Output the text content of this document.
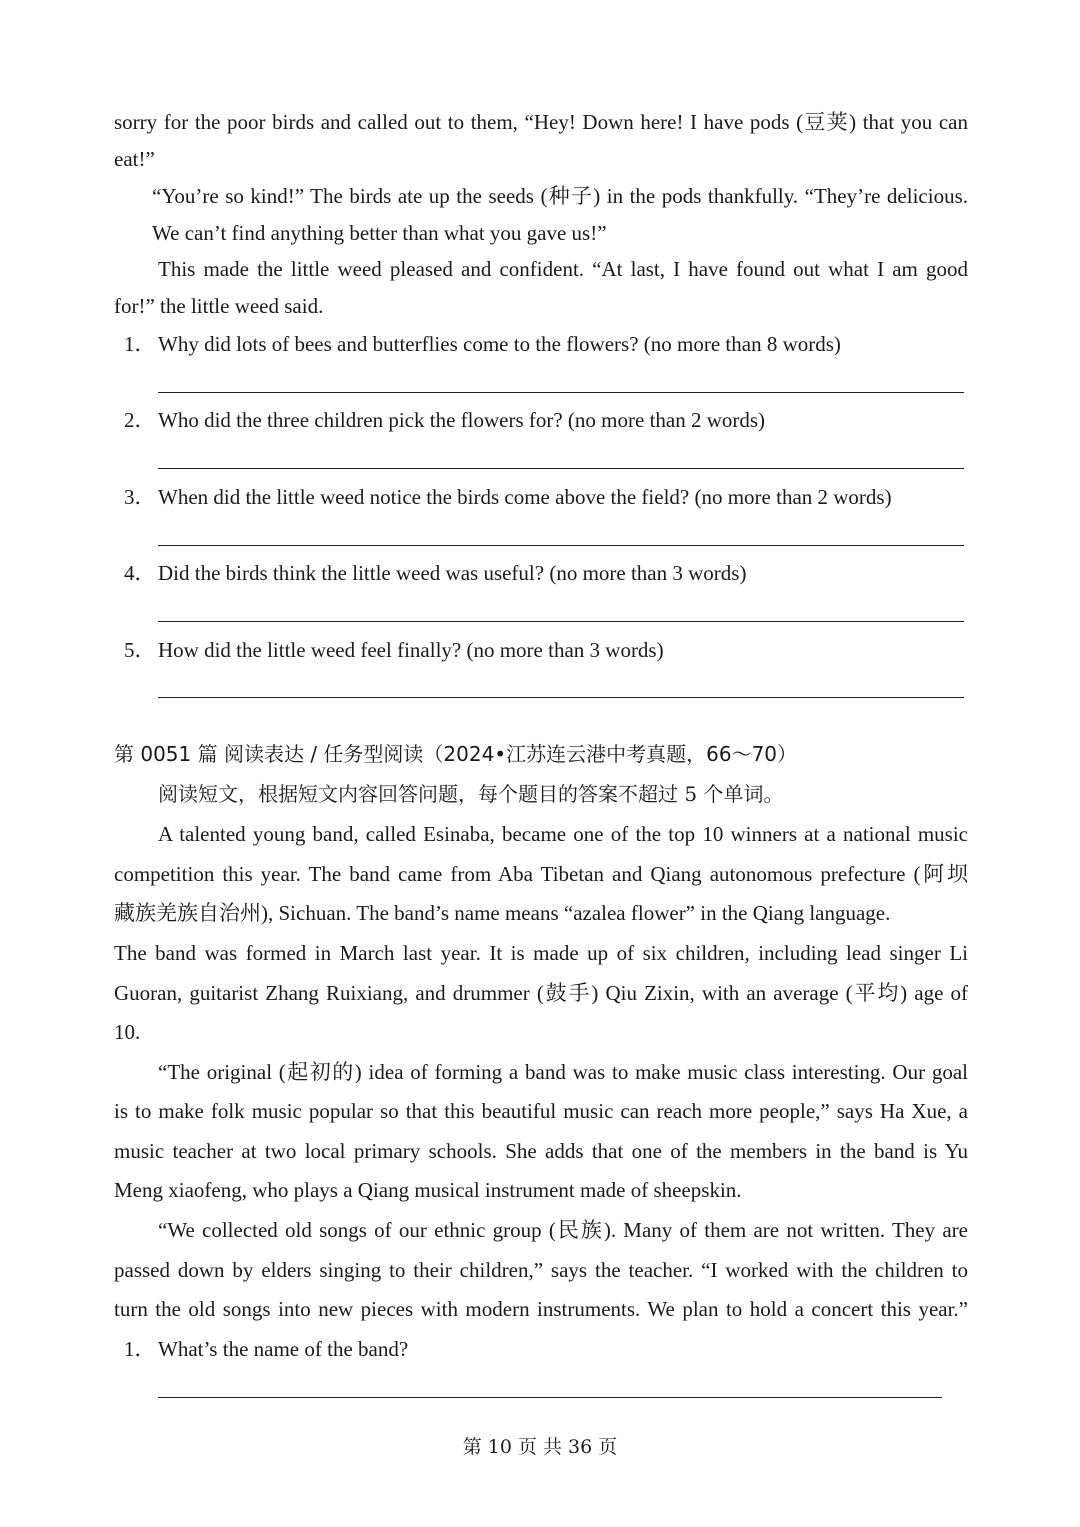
sorry for the poor birds and called out to them, “Hey! Down here! I have pods (豆荚) that you can
eat!”
“You’re so kind!” The birds ate up the seeds (种子) in the pods thankfully. “They’re delicious.
We can’t find anything better than what you gave us!”
This made the little weed pleased and confident. “At last, I have found out what I am good
for!” the little weed said.
1． Why did lots of bees and butterflies come to the flowers? (no more than 8 words)
2． Who did the three children pick the flowers for? (no more than 2 words)
3． When did the little weed notice the birds come above the field? (no more than 2 words)
4． Did the birds think the little weed was useful? (no more than 3 words)
5． How did the little weed feel finally? (no more than 3 words)
第 0051 篇 阅读表达 / 任务型阅读（2024•江苏连云港中考真题，66～70）
阅读短文，根据短文内容回答问题，每个题目的答案不超过 5 个单词。
A talented young band, called Esinaba, became one of the top 10 winners at a national music
competition this year. The band came from Aba Tibetan and Qiang autonomous prefecture (阿坝
藏族羌族自治州), Sichuan. The band’s name means “azalea flower” in the Qiang language.
The band was formed in March last year. It is made up of six children, including lead singer Li
Guoran, guitarist Zhang Ruixiang, and drummer (鼓手) Qiu Zixin, with an average (平均) age of
10.
“The original (起初的) idea of forming a band was to make music class interesting. Our goal
is to make folk music popular so that this beautiful music can reach more people,” says Ha Xue, a
music teacher at two local primary schools. She adds that one of the members in the band is Yu
Meng xiaofeng, who plays a Qiang musical instrument made of sheepskin.
“We collected old songs of our ethnic group (民族). Many of them are not written. They are
passed down by elders singing to their children,” says the teacher. “I worked with the children to
turn the old songs into new pieces with modern instruments. We plan to hold a concert this year.”
1． What’s the name of the band?
第 10 页 共 36 页
